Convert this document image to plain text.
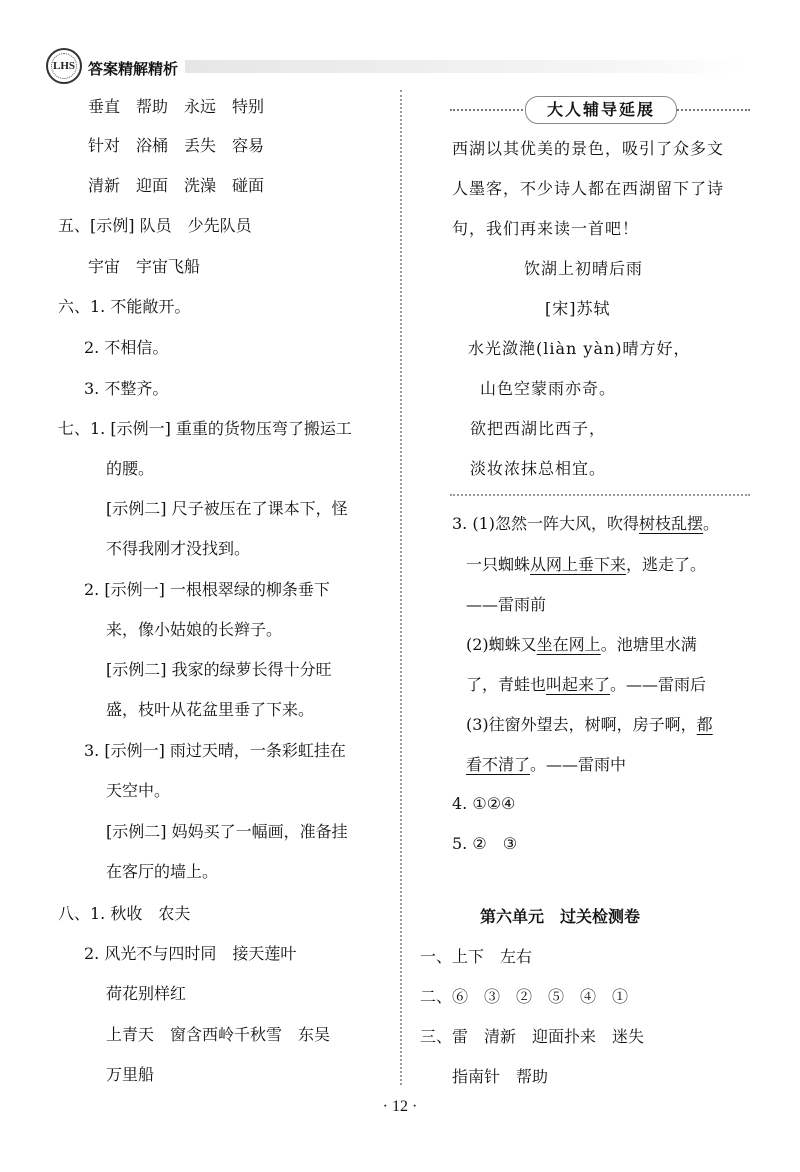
LHS 答案精解精析
垂直　帮助　永远　特别
针对　浴桶　丢失　容易
清新　迎面　洗澡　碰面
五、[示例] 队员　少先队员
宇宙　宇宙飞船
六、1. 不能敞开。
2. 不相信。
3. 不整齐。
七、1. [示例一] 重重的货物压弯了搬运工
的腰。
[示例二] 尺子被压在了课本下，怪
不得我刚才没找到。
2. [示例一] 一根根翠绿的柳条垂下
来，像小姑娘的长辫子。
[示例二] 我家的绿萝长得十分旺
盛，枝叶从花盆里垂了下来。
3. [示例一] 雨过天晴，一条彩虹挂在
天空中。
[示例二] 妈妈买了一幅画，准备挂
在客厅的墙上。
八、1. 秋收　农夫
2. 风光不与四时同　接天莲叶
荷花别样红
上青天　窗含西岭千秋雪　东吴
万里船
大人辅导延展
西湖以其优美的景色，吸引了众多文
人墨客，不少诗人都在西湖留下了诗
句，我们再来读一首吧！
饮湖上初晴后雨
[宋]苏轼
水光潋滟(liàn yàn)晴方好，
山色空蒙雨亦奇。
欲把西湖比西子，
淡妆浓抹总相宜。
3. (1)忽然一阵大风，吹得树枝乱摆。
一只蜘蛛从网上垂下来，逃走了。
——雷雨前
(2)蜘蛛又坐在网上。池塘里水满
了，青蛙也叫起来了。——雷雨后
(3)往窗外望去，树啊，房子啊，都
看不清了。——雷雨中
4. ①②④
5. ②　③
第六单元　过关检测卷
一、上下　左右
二、⑥　③　②　⑤　④　①
三、雷　清新　迎面扑来　迷失
指南针　帮助
· 12 ·
